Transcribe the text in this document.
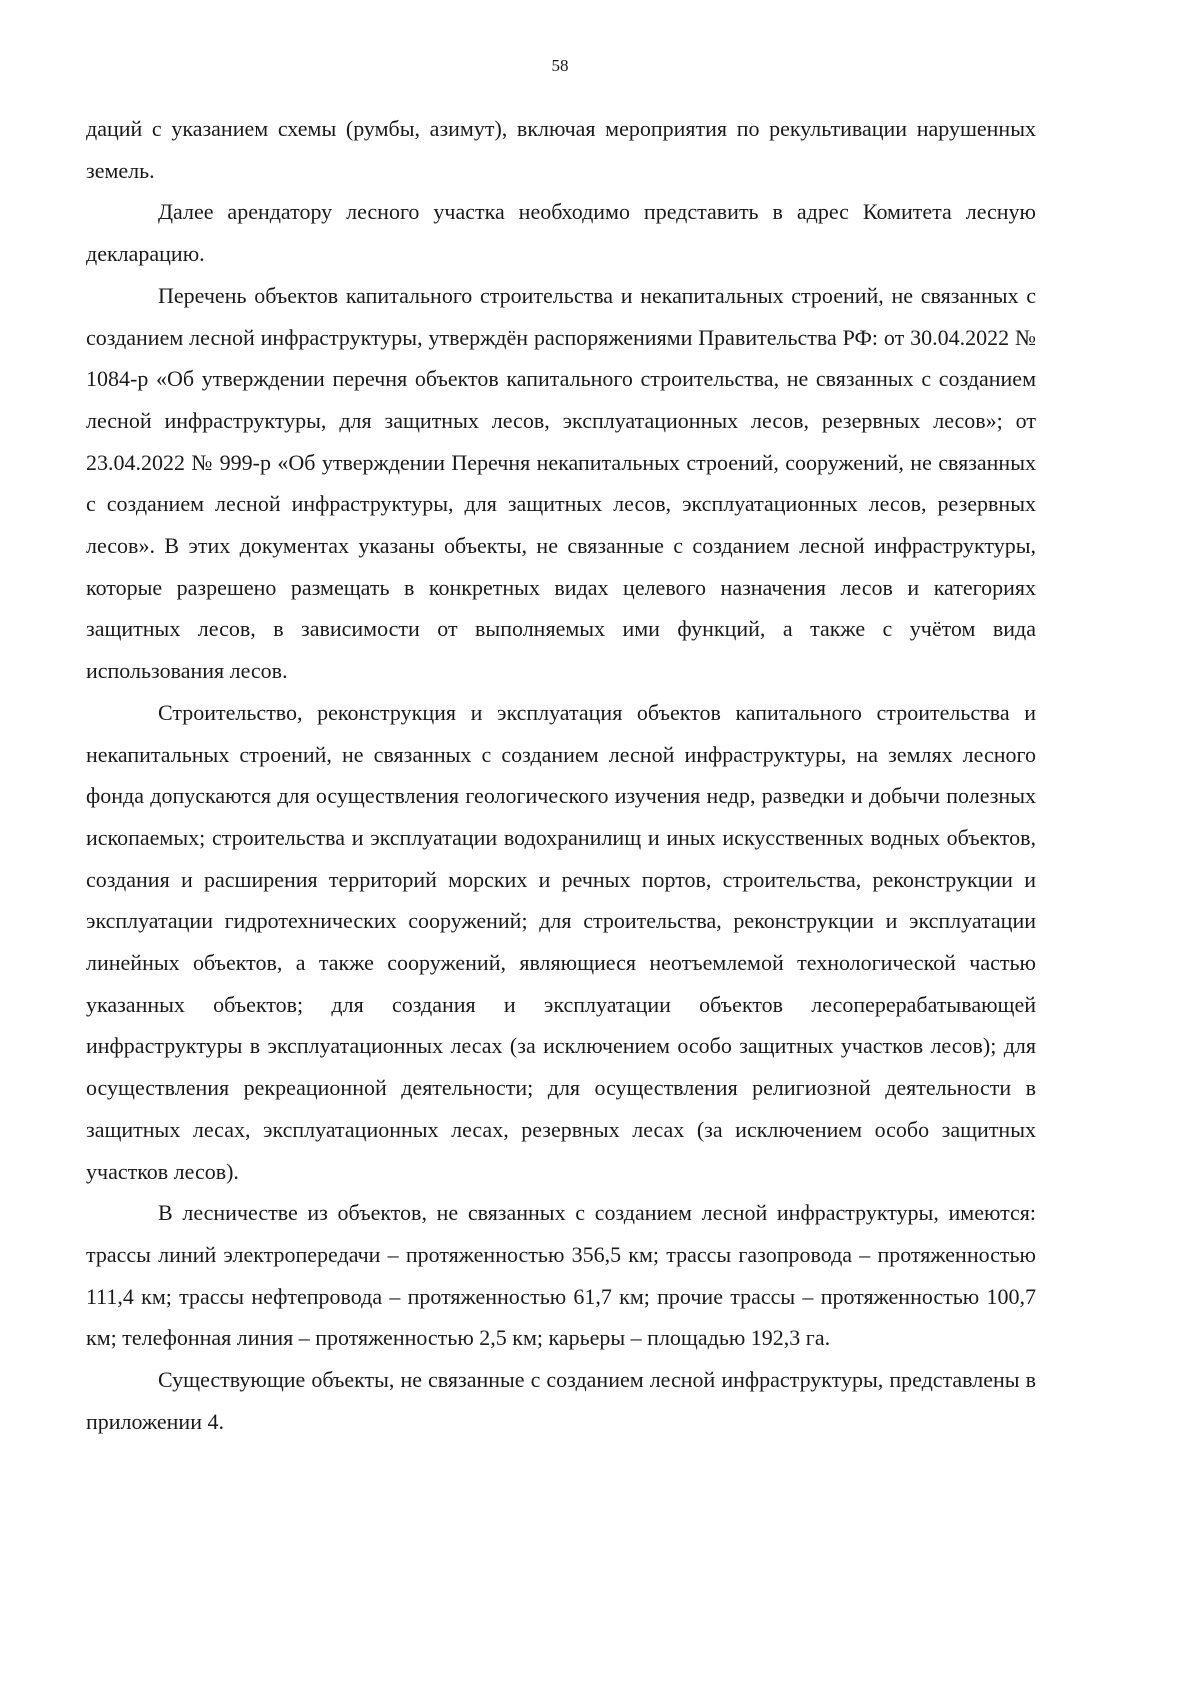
58

даций с указанием схемы (румбы, азимут), включая мероприятия по рекультивации нарушенных земель.

Далее арендатору лесного участка необходимо представить в адрес Комитета лесную декларацию.

Перечень объектов капитального строительства и некапитальных строений, не связанных с созданием лесной инфраструктуры, утверждён распоряжениями Правительства РФ: от 30.04.2022 № 1084-р «Об утверждении перечня объектов капитального строительства, не связанных с созданием лесной инфраструктуры, для защитных лесов, эксплуатационных лесов, резервных лесов»; от 23.04.2022 № 999-р «Об утверждении Перечня некапитальных строений, сооружений, не связанных с созданием лесной инфраструктуры, для защитных лесов, эксплуатационных лесов, резервных лесов». В этих документах указаны объекты, не связанные с созданием лесной инфраструктуры, которые разрешено размещать в конкретных видах целевого назначения лесов и категориях защитных лесов, в зависимости от выполняемых ими функций, а также с учётом вида использования лесов.

Строительство, реконструкция и эксплуатация объектов капитального строительства и некапитальных строений, не связанных с созданием лесной инфраструктуры, на землях лесного фонда допускаются для осуществления геологического изучения недр, разведки и добычи полезных ископаемых; строительства и эксплуатации водохранилищ и иных искусственных водных объектов, создания и расширения территорий морских и речных портов, строительства, реконструкции и эксплуатации гидротехнических сооружений; для строительства, реконструкции и эксплуатации линейных объектов, а также сооружений, являющиеся неотъемлемой технологической частью указанных объектов; для создания и эксплуатации объектов лесоперерабатывающей инфраструктуры в эксплуатационных лесах (за исключением особо защитных участков лесов); для осуществления рекреационной деятельности; для осуществления религиозной деятельности в защитных лесах, эксплуатационных лесах, резервных лесах (за исключением особо защитных участков лесов).

В лесничестве из объектов, не связанных с созданием лесной инфраструктуры, имеются: трассы линий электропередачи – протяженностью 356,5 км; трассы газопровода – протяженностью 111,4 км; трассы нефтепровода – протяженностью 61,7 км; прочие трассы – протяженностью 100,7 км; телефонная линия – протяженностью 2,5 км; карьеры – площадью 192,3 га.

Существующие объекты, не связанные с созданием лесной инфраструктуры, представлены в приложении 4.
